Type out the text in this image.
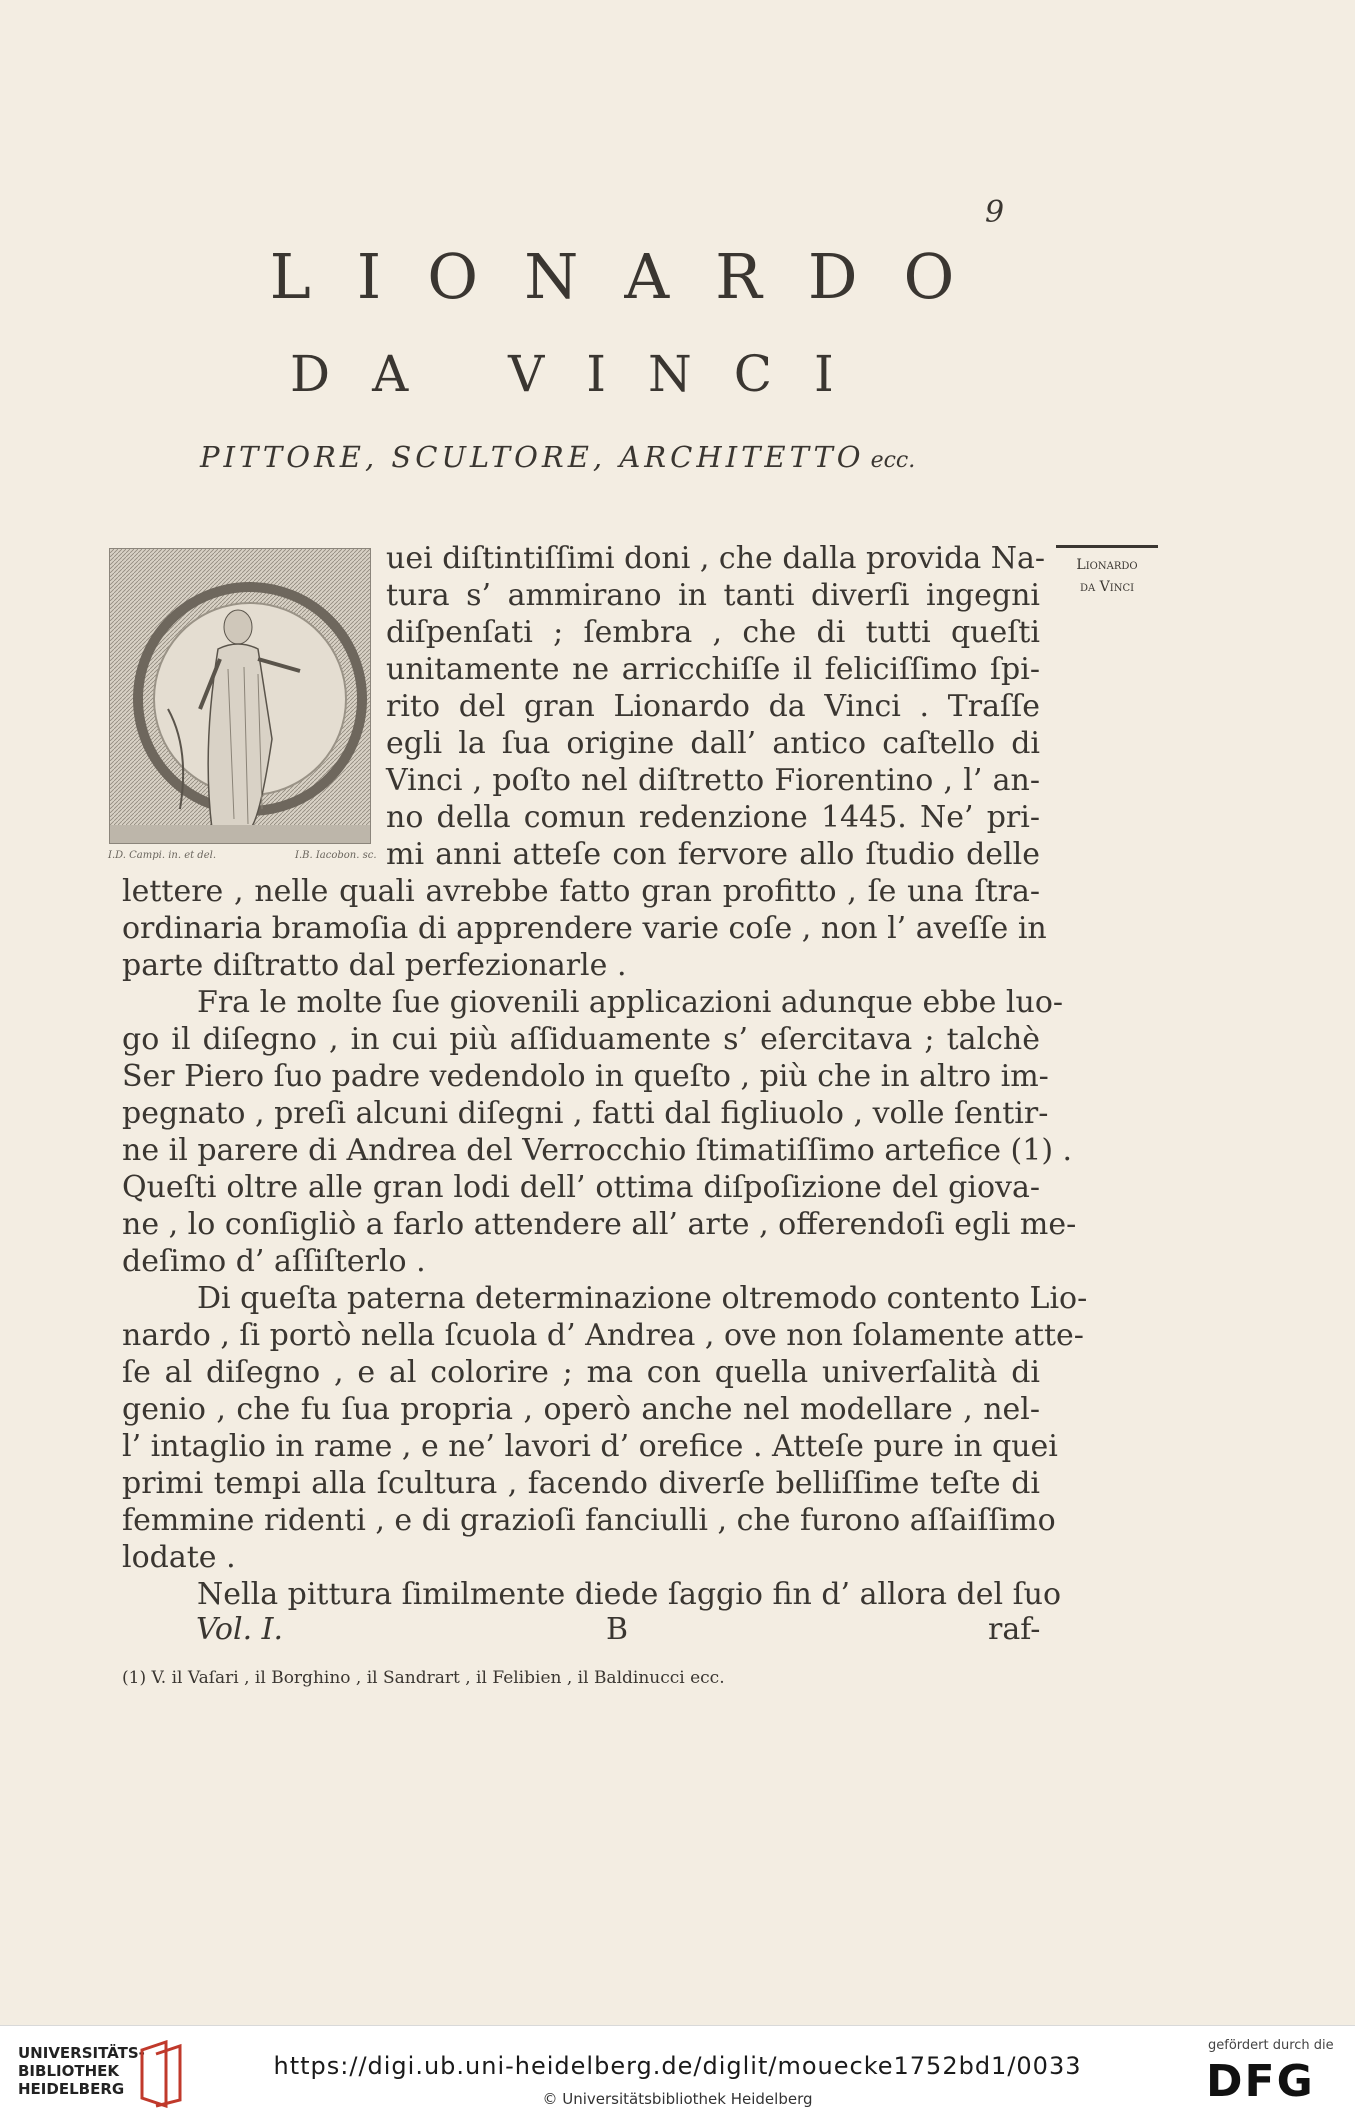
9
LIONARDO
DA VINCI
PITTORE, SCULTORE, ARCHITETTO ecc.
I.D. Campi. in. et del.	I.B. Iacobon. sc.
Lionardo
da Vinci
uei diſtintiſſimi doni , che dalla provida Na-
tura s’ ammirano in tanti diverſi ingegni
diſpenſati ; ſembra , che di tutti queſti
unitamente ne arricchiſſe il feliciſſimo ſpi-
rito del gran Lionardo da Vinci . Traſſe
egli la ſua origine dall’ antico caſtello di
Vinci , poſto nel diſtretto Fiorentino , l’ an-
no della comun redenzione 1445. Ne’ pri-
mi anni atteſe con fervore allo ſtudio delle
lettere , nelle quali avrebbe fatto gran profitto , ſe una ſtra-
ordinaria bramoſia di apprendere varie coſe , non l’ aveſſe in
parte diſtratto dal perfezionarle .
Fra le molte ſue giovenili applicazioni adunque ebbe luo-
go il diſegno , in cui più aſſiduamente s’ eſercitava ; talchè
Ser Piero ſuo padre vedendolo in queſto , più che in altro im-
pegnato , preſi alcuni diſegni , fatti dal figliuolo , volle ſentir-
ne il parere di Andrea del Verrocchio ſtimatiſſimo artefice (1) .
Queſti oltre alle gran lodi dell’ ottima diſpoſizione del giova-
ne , lo conſigliò a farlo attendere all’ arte , offerendoſi egli me-
deſimo d’ aſſiſterlo .
Di queſta paterna determinazione oltremodo contento Lio-
nardo , ſi portò nella ſcuola d’ Andrea , ove non ſolamente atte-
ſe al diſegno , e al colorire ; ma con quella univerſalità di
genio , che fu ſua propria , operò anche nel modellare , nel-
l’ intaglio in rame , e ne’ lavori d’ orefice . Atteſe pure in quei
primi tempi alla ſcultura , facendo diverſe belliſſime teſte di
femmine ridenti , e di grazioſi fanciulli , che furono aſſaiſſimo
lodate .
Nella pittura ſimilmente diede ſaggio fin d’ allora del ſuo
Vol. I.	B	raf-
(1) V. il Vaſari , il Borghino , il Sandrart , il Felibien , il Baldinucci ecc.
UNIVERSITÄTS-
BIBLIOTHEK
HEIDELBERG
https://digi.ub.uni-heidelberg.de/diglit/mouecke1752bd1/0033
© Universitätsbibliothek Heidelberg
gefördert durch die
DFG
